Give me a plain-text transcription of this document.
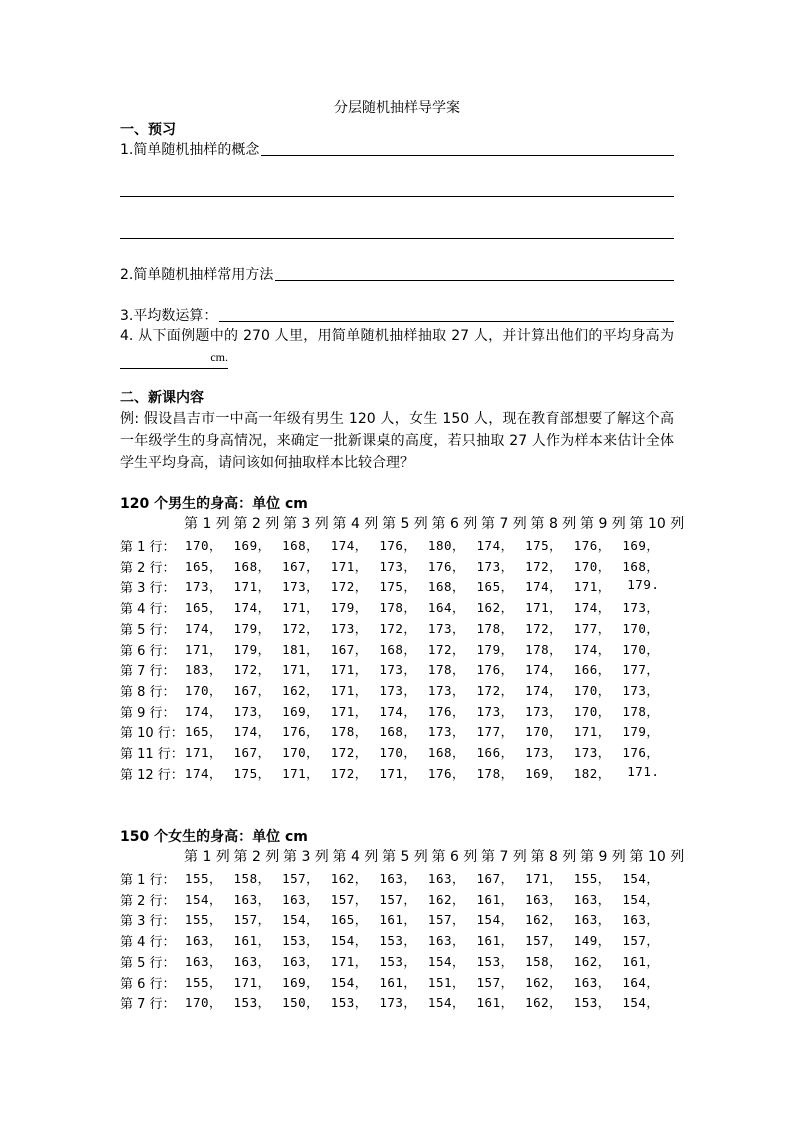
分层随机抽样导学案
一、预习
1.简单随机抽样的概念
2.简单随机抽样常用方法
3.平均数运算：
4. 从下面例题中的 270 人里，用简单随机抽样抽取 27 人，并计算出他们的平均身高为 cm.
二、新课内容
例: 假设昌吉市一中高一年级有男生 120 人，女生 150 人，现在教育部想要了解这个高一年级学生的身高情况，来确定一批新课桌的高度，若只抽取 27 人作为样本来估计全体学生平均身高，请问该如何抽取样本比较合理？
120 个男生的身高：单位 cm
第 1 列 第 2 列 第 3 列 第 4 列 第 5 列 第 6 列 第 7 列 第 8 列 第 9 列 第 10 列
第 1 行： 170， 169， 168， 174， 176， 180， 174， 175， 176， 169，
第 2 行： 165， 168， 167， 171， 173， 176， 173， 172， 170， 168，
第 3 行： 173， 171， 173， 172， 175， 168， 165， 174， 171，	179.
第 4 行： 165， 174， 171， 179， 178， 164， 162， 171， 174， 173，
第 5 行： 174， 179， 172， 173， 172， 173， 178， 172， 177， 170，
第 6 行： 171， 179， 181， 167， 168， 172， 179， 178， 174， 170，
第 7 行： 183， 172， 171， 171， 173， 178， 176， 174， 166， 177，
第 8 行： 170， 167， 162， 171， 173， 173， 172， 174， 170， 173，
第 9 行： 174， 173， 169， 171， 174， 176， 173， 173， 170， 178，
第 10 行： 165， 174， 176， 178， 168， 173， 177， 170， 171， 179，
第 11 行： 171， 167， 170， 172， 170， 168， 166， 173， 173， 176，
第 12 行： 174， 175， 171， 172， 171， 176， 178， 169， 182，	171.
150 个女生的身高：单位 cm
第 1 列 第 2 列 第 3 列 第 4 列 第 5 列 第 6 列 第 7 列 第 8 列 第 9 列 第 10 列
第 1 行： 155， 158， 157， 162， 163， 163， 167， 171， 155， 154，
第 2 行： 154， 163， 163， 157， 157， 162， 161， 163， 163， 154，
第 3 行： 155， 157， 154， 165， 161， 157， 154， 162， 163， 163，
第 4 行： 163， 161， 153， 154， 153， 163， 161， 157， 149， 157，
第 5 行： 163， 163， 163， 171， 153， 154， 153， 158， 162， 161，
第 6 行： 155， 171， 169， 154， 161， 151， 157， 162， 163， 164，
第 7 行： 170， 153， 150， 153， 173， 154， 161， 162， 153， 154，
